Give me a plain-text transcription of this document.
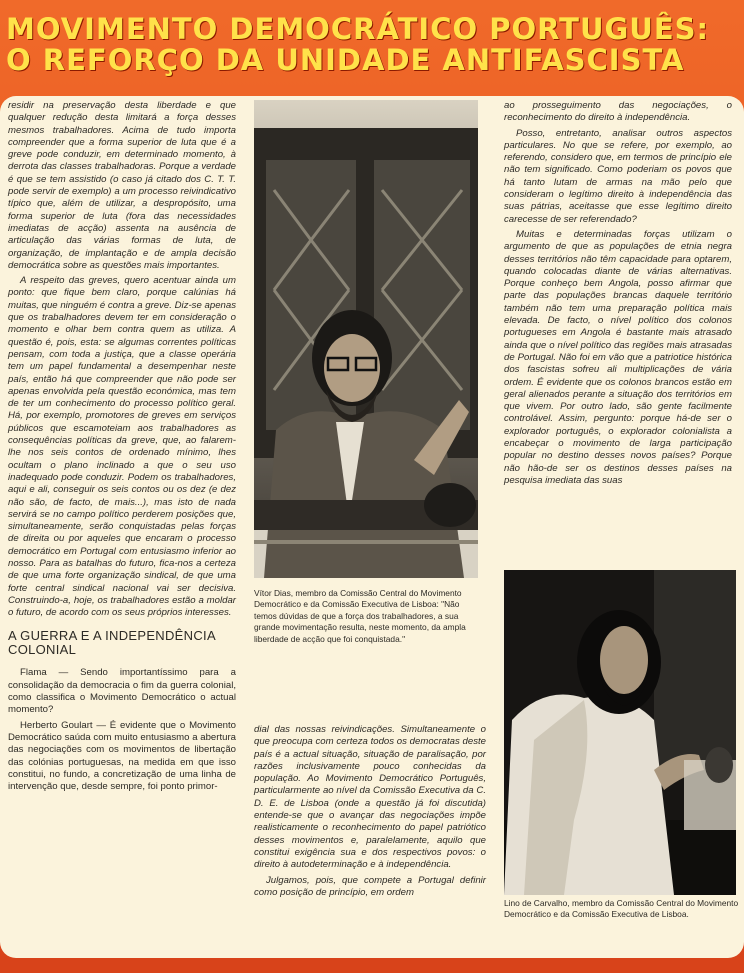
MOVIMENTO DEMOCRÁTICO PORTUGUÊS:
O REFORÇO DA UNIDADE ANTIFASCISTA

residir na preservação desta liberdade e que qualquer redução desta limitará a força desses mesmos trabalhadores. Acima de tudo importa compreender que a forma superior de luta que é a greve pode conduzir, em determinado momento, à derrota das classes trabalhadoras. Porque a verdade é que se tem assistido (o caso já citado dos C. T. T. pode servir de exemplo) a um processo reivindicativo típico que, além de utilizar, a despropósito, uma forma superior de luta (fora das necessidades imediatas de acção) assenta na ausência de articulação das várias formas de luta, de organização, de implantação e de ampla decisão democrática sobre as questões mais importantes.

A respeito das greves, quero acentuar ainda um ponto: que fique bem claro, porque calúnias há muitas, que ninguém é contra a greve. Diz-se apenas que os trabalhadores devem ter em consideração o momento e olhar bem contra quem as utiliza. A questão é, pois, esta: se algumas correntes políticas pensam, com toda a justiça, que a classe operária tem um papel fundamental a desempenhar neste país, então há que compreender que não pode ser apenas envolvida pela questão económica, mas tem de ter um conhecimento do processo político geral. Há, por exemplo, promotores de greves em serviços públicos que escamoteiam aos trabalhadores as consequências políticas da greve, que, ao falarem-lhe nos seis contos de ordenado mínimo, lhes ocultam o plano inclinado a que o seu uso inadequado pode conduzir. Podem os trabalhadores, aqui e ali, conseguir os seis contos ou os dez (e dez não são, de facto, de mais...), mas isto de nada servirá se no campo político perderem posições que, simultaneamente, serão conquistadas pelas forças de direita ou por aqueles que encaram o processo democrático em Portugal com entusiasmo inferior ao nosso. Para as batalhas do futuro, fica-nos a certeza de que uma forte organização sindical, de que uma forte central sindical nacional vai ser decisiva. Construindo-a, hoje, os trabalhadores estão a moldar o futuro, de acordo com os seus próprios interesses.

A GUERRA E A INDEPENDÊNCIA COLONIAL

Flama — Sendo importantíssimo para a consolidação da democracia o fim da guerra colonial, como classifica o Movimento Democrático o actual momento?

Herberto Goulart — É evidente que o Movimento Democrático saúda com muito entusiasmo a abertura das negociações com os movimentos de libertação das colónias portuguesas, na medida em que isso constitui, no fundo, a concretização de uma linha de intervenção que, desde sempre, foi ponto primor-

Vítor Dias, membro da Comissão Central do Movimento Democrático e da Comissão Executiva de Lisboa: "Não temos dúvidas de que a força dos trabalhadores, a sua grande movimentação resulta, neste momento, da ampla liberdade de acção que foi conquistada."

dial das nossas reivindicações. Simultaneamente o que preocupa com certeza todos os democratas deste país é a actual situação, situação de paralisação, por razões inclusivamente pouco conhecidas da população. Ao Movimento Democrático Português, particularmente ao nível da Comissão Executiva da C. D. E. de Lisboa (onde a questão já foi discutida) entende-se que o avançar das negociações impõe realisticamente o reconhecimento do papel patriótico desses movimentos e, paralelamente, aquilo que constitui exigência sua e dos respectivos povos: o direito à autodeterminação e à independência.

Julgamos, pois, que compete a Portugal definir como posição de princípio, em ordem

ao prosseguimento das negociações, o reconhecimento do direito à independência.

Posso, entretanto, analisar outros aspectos particulares. No que se refere, por exemplo, ao referendo, considero que, em termos de princípio ele não tem significado. Como poderiam os povos que há tanto lutam de armas na mão pelo que consideram o legítimo direito à independência das suas pátrias, aceitasse que esse legítimo direito carecesse de ser referendado?

Muitas e determinadas forças utilizam o argumento de que as populações de etnia negra desses territórios não têm capacidade para optarem, quando colocadas diante de várias alternativas. Porque conheço bem Angola, posso afirmar que parte das populações brancas daquele território também não tem uma preparação política mais elevada. De facto, o nível político dos colonos portugueses em Angola é bastante mais atrasado ainda que o nível político das regiões mais atrasadas de Portugal. Não foi em vão que a patriotice histórica dos fascistas sofreu ali multiplicações de vária ordem. É evidente que os colonos brancos estão em geral alienados perante a situação dos territórios em que vivem. Por outro lado, são gente facilmente controlável. Assim, pergunto: porque há-de ser o explorador português, o explorador colonialista a encabeçar o movimento de larga participação popular no destino desses novos países? Porque não hão-de ser os destinos desses países na pesquisa imediata das suas

Lino de Carvalho, membro da Comissão Central do Movimento Democrático e da Comissão Executiva de Lisboa.
